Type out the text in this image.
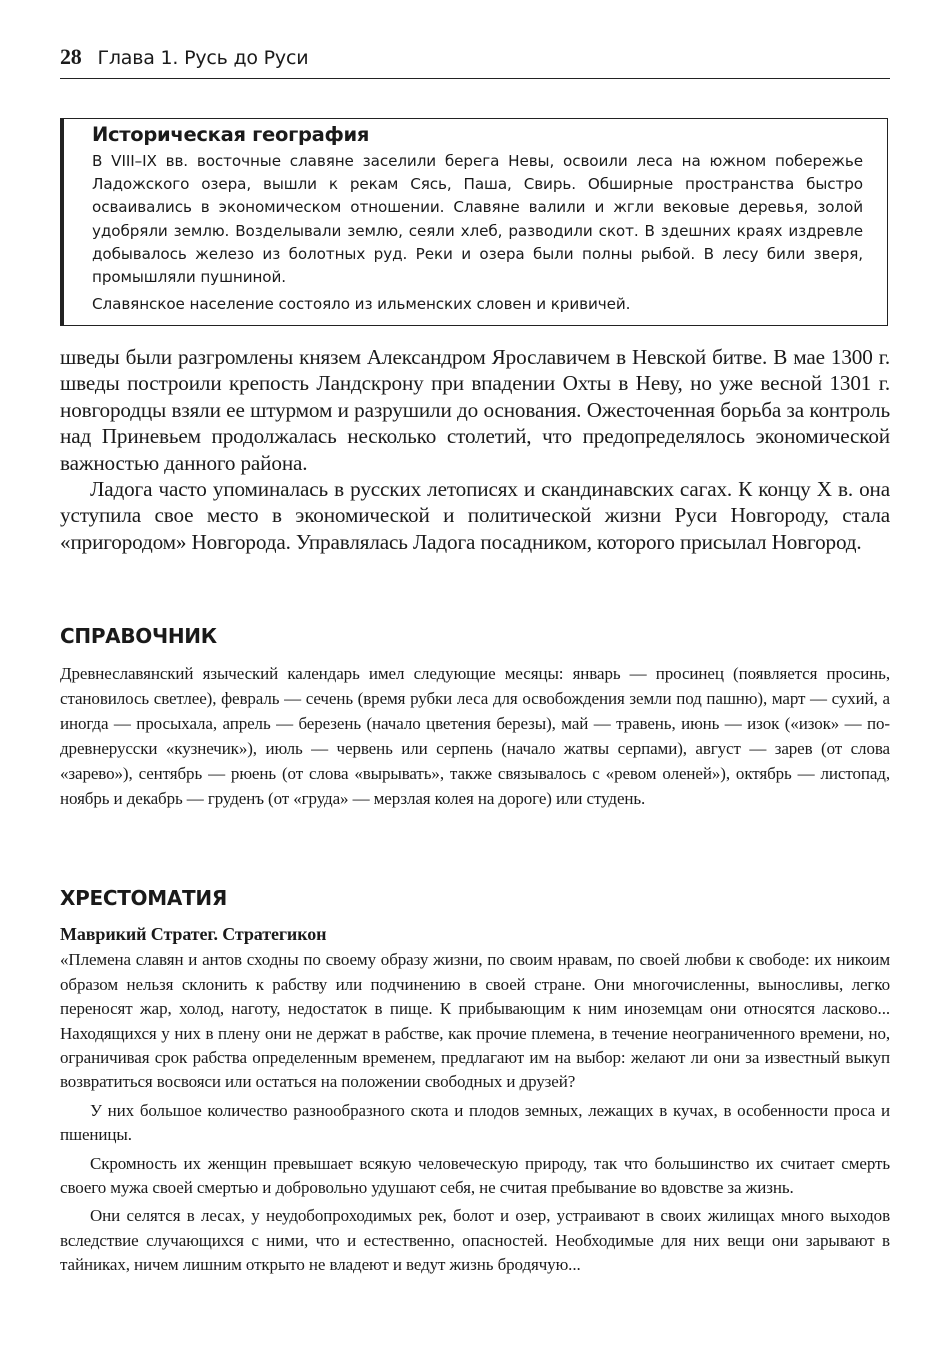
28 Глава 1. Русь до Руси
Историческая география

В VIII–IX вв. восточные славяне заселили берега Невы, освоили леса на южном побережье Ладожского озера, вышли к рекам Сясь, Паша, Свирь. Обширные пространства быстро осваивались в экономическом отношении. Славяне валили и жгли вековые деревья, золой удобряли землю. Возделывали землю, сеяли хлеб, разводили скот. В здешних краях издревле добывалось железо из болотных руд. Реки и озера были полны рыбой. В лесу били зверя, промышляли пушниной.

Славянское население состояло из ильменских словен и кривичей.

шведы были разгромлены князем Александром Ярославичем в Невской битве. В мае 1300 г. шведы построили крепость Ландскрону при впадении Охты в Неву, но уже весной 1301 г. новгородцы взяли ее штурмом и разрушили до основания. Ожесточенная борьба за контроль над Приневьем продолжалась несколько столетий, что предопределялось экономической важностью данного района.

Ладога часто упоминалась в русских летописях и скандинавских сагах. К концу X в. она уступила свое место в экономической и политической жизни Руси Новгороду, стала «пригородом» Новгорода. Управлялась Ладога посадником, которого присылал Новгород.

СПРАВОЧНИК

Древнеславянский языческий календарь имел следующие месяцы: январь — просинец (появляется просинь, становилось светлее), февраль — сечень (время рубки леса для освобождения земли под пашню), март — сухий, а иногда — просыхала, апрель — березень (начало цветения березы), май — травень, июнь — изок («изок» — по-древнерусски «кузнечик»), июль — червень или серпень (начало жатвы серпами), август — зарев (от слова «зарево»), сентябрь — рюень (от слова «вырывать», также связывалось с «ревом оленей»), октябрь — листопад, ноябрь и декабрь — груденъ (от «груда» — мерзлая колея на дороге) или студень.

ХРЕСТОМАТИЯ

Маврикий Стратег. Стратегикон

«Племена славян и антов сходны по своему образу жизни, по своим нравам, по своей любви к свободе: их никоим образом нельзя склонить к рабству или подчинению в своей стране. Они многочисленны, выносливы, легко переносят жар, холод, наготу, недостаток в пище. К прибывающим к ним иноземцам они относятся ласково... Находящихся у них в плену они не держат в рабстве, как прочие племена, в течение неограниченного времени, но, ограничивая срок рабства определенным временем, предлагают им на выбор: желают ли они за известный выкуп возвратиться восвояси или остаться на положении свободных и друзей?

У них большое количество разнообразного скота и плодов земных, лежащих в кучах, в особенности проса и пшеницы.

Скромность их женщин превышает всякую человеческую природу, так что большинство их считает смерть своего мужа своей смертью и добровольно удушают себя, не считая пребывание во вдовстве за жизнь.

Они селятся в лесах, у неудобопроходимых рек, болот и озер, устраивают в своих жилищах много выходов вследствие случающихся с ними, что и естественно, опасностей. Необходимые для них вещи они зарывают в тайниках, ничем лишним открыто не владеют и ведут жизнь бродячую...
